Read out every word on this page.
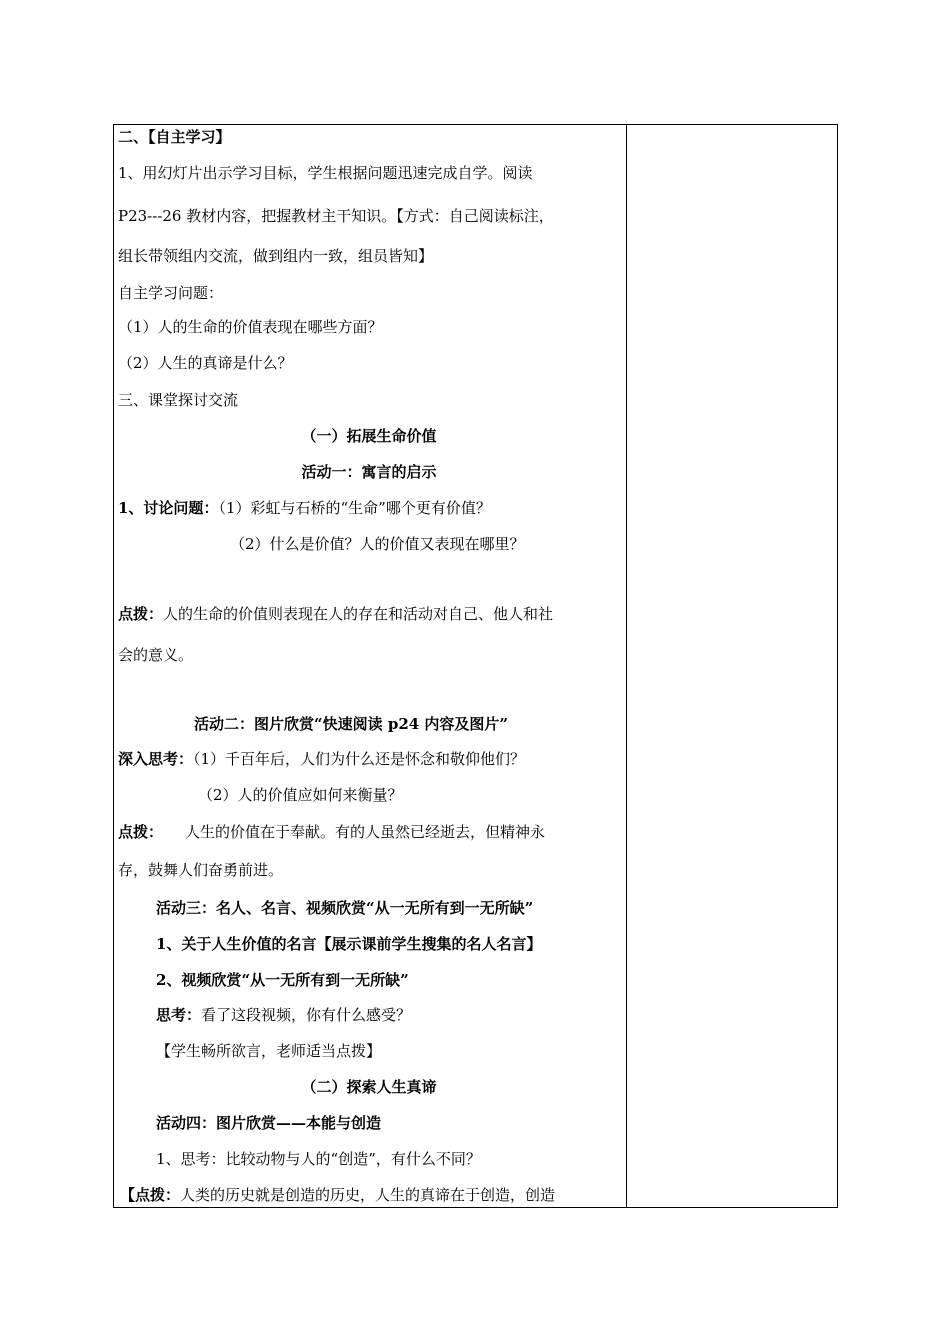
二、【自主学习】
1、用幻灯片出示学习目标，学生根据问题迅速完成自学。阅读
P23---26 教材内容，把握教材主干知识。【方式：自己阅读标注，
组长带领组内交流，做到组内一致，组员皆知】
自主学习问题：
（1）人的生命的价值表现在哪些方面？
（2）人生的真谛是什么？
三、课堂探讨交流
（一）拓展生命价值
活动一：寓言的启示
1、讨论问题：（1）彩虹与石桥的“生命”哪个更有价值？
（2）什么是价值？人的价值又表现在哪里？
点拨：人的生命的价值则表现在人的存在和活动对自己、他人和社
会的意义。
活动二：图片欣赏“快速阅读 p24 内容及图片”
深入思考：（1）千百年后，人们为什么还是怀念和敬仰他们？
（2）人的价值应如何来衡量？
点拨： 人生的价值在于奉献。有的人虽然已经逝去，但精神永
存，鼓舞人们奋勇前进。
活动三：名人、名言、视频欣赏“从一无所有到一无所缺”
1、关于人生价值的名言【展示课前学生搜集的名人名言】
2、视频欣赏“从一无所有到一无所缺”
思考：看了这段视频，你有什么感受？
【学生畅所欲言，老师适当点拨】
（二）探索人生真谛
活动四：图片欣赏——本能与创造
1、思考：比较动物与人的“创造”，有什么不同？
【点拨：人类的历史就是创造的历史，人生的真谛在于创造，创造
